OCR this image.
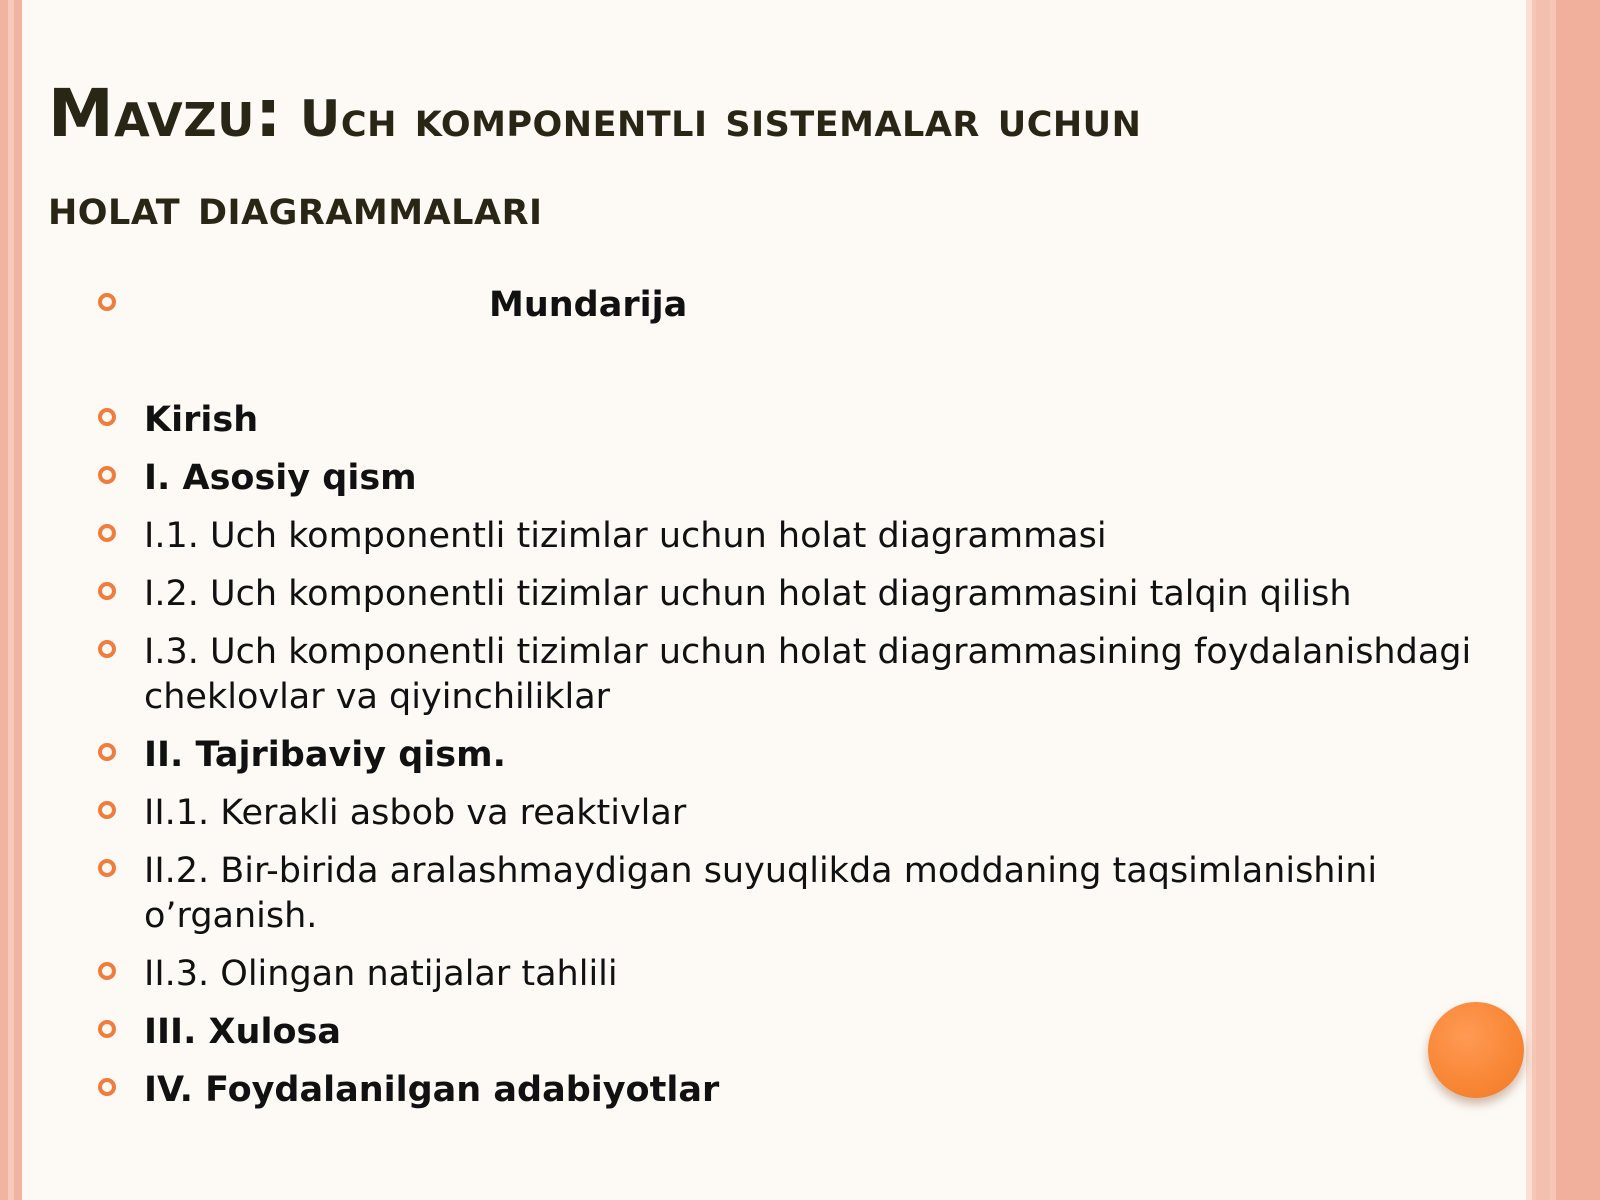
Mavzu: Uch komponentli sistemalar uchun
holat diagrammalari
Mundarija
Kirish
I. Asosiy qism
I.1. Uch komponentli tizimlar uchun holat diagrammasi
I.2. Uch komponentli tizimlar uchun holat diagrammasini talqin qilish
I.3. Uch komponentli tizimlar uchun holat diagrammasining foydalanishdagi cheklovlar va qiyinchiliklar
II. Tajribaviy qism.
II.1. Kerakli asbob va reaktivlar
II.2. Bir-birida aralashmaydigan suyuqlikda moddaning taqsimlanishini o’rganish.
II.3. Olingan natijalar tahlili
III. Xulosa
IV. Foydalanilgan adabiyotlar
